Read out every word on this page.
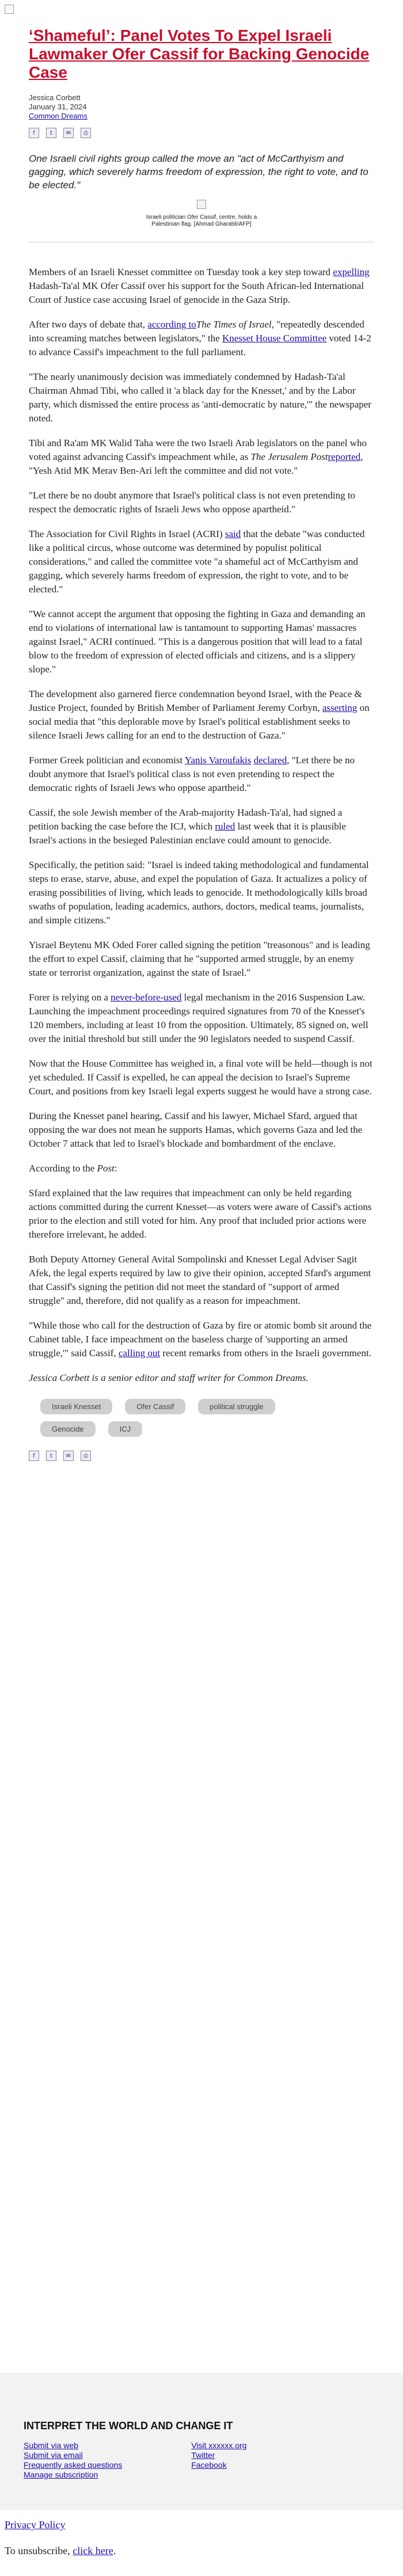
‘Shameful’: Panel Votes To Expel Israeli Lawmaker Ofer Cassif for Backing Genocide Case
Jessica Corbett
January 31, 2024
Common Dreams
f	t	✉	⎙
One Israeli civil rights group called the move an "act of McCarthyism and gagging, which severely harms freedom of expression, the right to vote, and to be elected."
Israeli politician Ofer Cassif, centre, holds a Palestinian flag. [Ahmad Gharabli/AFP]

Members of an Israeli Knesset committee on Tuesday took a key step toward expelling Hadash-Ta'al MK Ofer Cassif over his support for the South African-led International Court of Justice case accusing Israel of genocide in the Gaza Strip.

After two days of debate that, according toThe Times of Israel, "repeatedly descended into screaming matches between legislators," the Knesset House Committee voted 14-2 to advance Cassif's impeachment to the full parliament.

"The nearly unanimously decision was immediately condemned by Hadash-Ta'al Chairman Ahmad Tibi, who called it 'a black day for the Knesset,' and by the Labor party, which dismissed the entire process as 'anti-democratic by nature,'" the newspaper noted.

Tibi and Ra'am MK Walid Taha were the two Israeli Arab legislators on the panel who voted against advancing Cassif's impeachment while, as The Jerusalem Postreported, "Yesh Atid MK Merav Ben-Ari left the committee and did not vote."

"Let there be no doubt anymore that Israel's political class is not even pretending to respect the democratic rights of Israeli Jews who oppose apartheid."

The Association for Civil Rights in Israel (ACRI) said that the debate "was conducted like a political circus, whose outcome was determined by populist political considerations," and called the committee vote "a shameful act of McCarthyism and gagging, which severely harms freedom of expression, the right to vote, and to be elected."

"We cannot accept the argument that opposing the fighting in Gaza and demanding an end to violations of international law is tantamount to supporting Hamas' massacres against Israel," ACRI continued. "This is a dangerous position that will lead to a fatal blow to the freedom of expression of elected officials and citizens, and is a slippery slope."

The development also garnered fierce condemnation beyond Israel, with the Peace & Justice Project, founded by British Member of Parliament Jeremy Corbyn, asserting on social media that "this deplorable move by Israel's political establishment seeks to silence Israeli Jews calling for an end to the destruction of Gaza."

Former Greek politician and economist Yanis Varoufakis declared, "Let there be no doubt anymore that Israel's political class is not even pretending to respect the democratic rights of Israeli Jews who oppose apartheid."

Cassif, the sole Jewish member of the Arab-majority Hadash-Ta'al, had signed a petition backing the case before the ICJ, which ruled last week that it is plausible Israel's actions in the besieged Palestinian enclave could amount to genocide.

Specifically, the petition said: "Israel is indeed taking methodological and fundamental steps to erase, starve, abuse, and expel the population of Gaza. It actualizes a policy of erasing possibilities of living, which leads to genocide. It methodologically kills broad swaths of population, leading academics, authors, doctors, medical teams, journalists, and simple citizens."

Yisrael Beytenu MK Oded Forer called signing the petition "treasonous" and is leading the effort to expel Cassif, claiming that he "supported armed struggle, by an enemy state or terrorist organization, against the state of Israel."

Forer is relying on a never-before-used legal mechanism in the 2016 Suspension Law. Launching the impeachment proceedings required signatures from 70 of the Knesset's 120 members, including at least 10 from the opposition. Ultimately, 85 signed on, well over the initial threshold but still under the 90 legislators needed to suspend Cassif.

Now that the House Committee has weighed in, a final vote will be held—though is not yet scheduled. If Cassif is expelled, he can appeal the decision to Israel's Supreme Court, and positions from key Israeli legal experts suggest he would have a strong case.

During the Knesset panel hearing, Cassif and his lawyer, Michael Sfard, argued that opposing the war does not mean he supports Hamas, which governs Gaza and led the October 7 attack that led to Israel's blockade and bombardment of the enclave.

According to the Post:

Sfard explained that the law requires that impeachment can only be held regarding actions committed during the current Knesset—as voters were aware of Cassif's actions prior to the election and still voted for him. Any proof that included prior actions were therefore irrelevant, he added.

Both Deputy Attorney General Avital Sompolinski and Knesset Legal Adviser Sagit Afek, the legal experts required by law to give their opinion, accepted Sfard's argument that Cassif's signing the petition did not meet the standard of "support of armed struggle" and, therefore, did not qualify as a reason for impeachment.

"While those who call for the destruction of Gaza by fire or atomic bomb sit around the Cabinet table, I face impeachment on the baseless charge of 'supporting an armed struggle,'" said Cassif, calling out recent remarks from others in the Israeli government.

Jessica Corbett is a senior editor and staff writer for Common Dreams.
Israeli Knesset	Ofer Cassif	political struggle
Genocide	ICJ
f	t	✉	⎙
INTERPRET THE WORLD AND CHANGE IT
Submit via web
Submit via email
Frequently asked questions
Manage subscription
Visit xxxxxx.org
Twitter
Facebook
Privacy Policy
To unsubscribe, click here.
